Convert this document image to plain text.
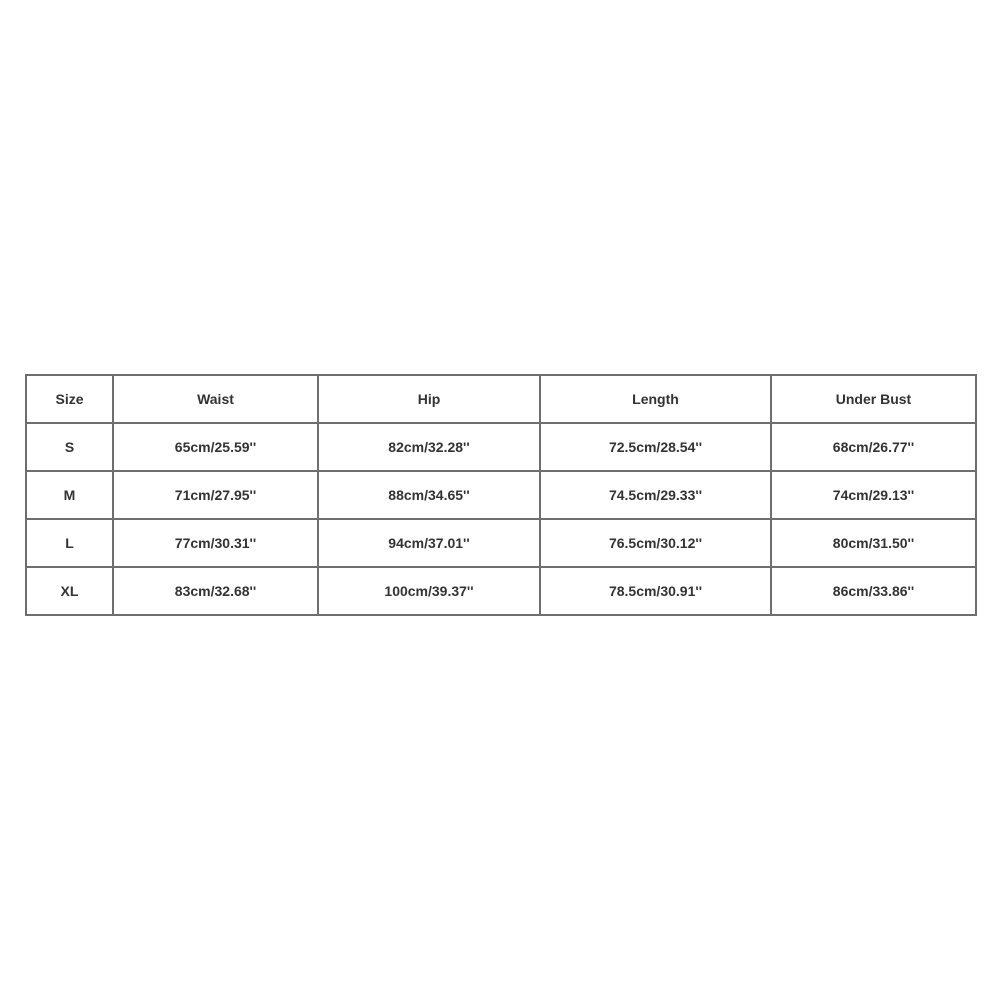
Size	Waist	Hip	Length	Under Bust
S	65cm/25.59''	82cm/32.28''	72.5cm/28.54''	68cm/26.77''
M	71cm/27.95''	88cm/34.65''	74.5cm/29.33''	74cm/29.13''
L	77cm/30.31''	94cm/37.01''	76.5cm/30.12''	80cm/31.50''
XL	83cm/32.68''	100cm/39.37''	78.5cm/30.91''	86cm/33.86''
